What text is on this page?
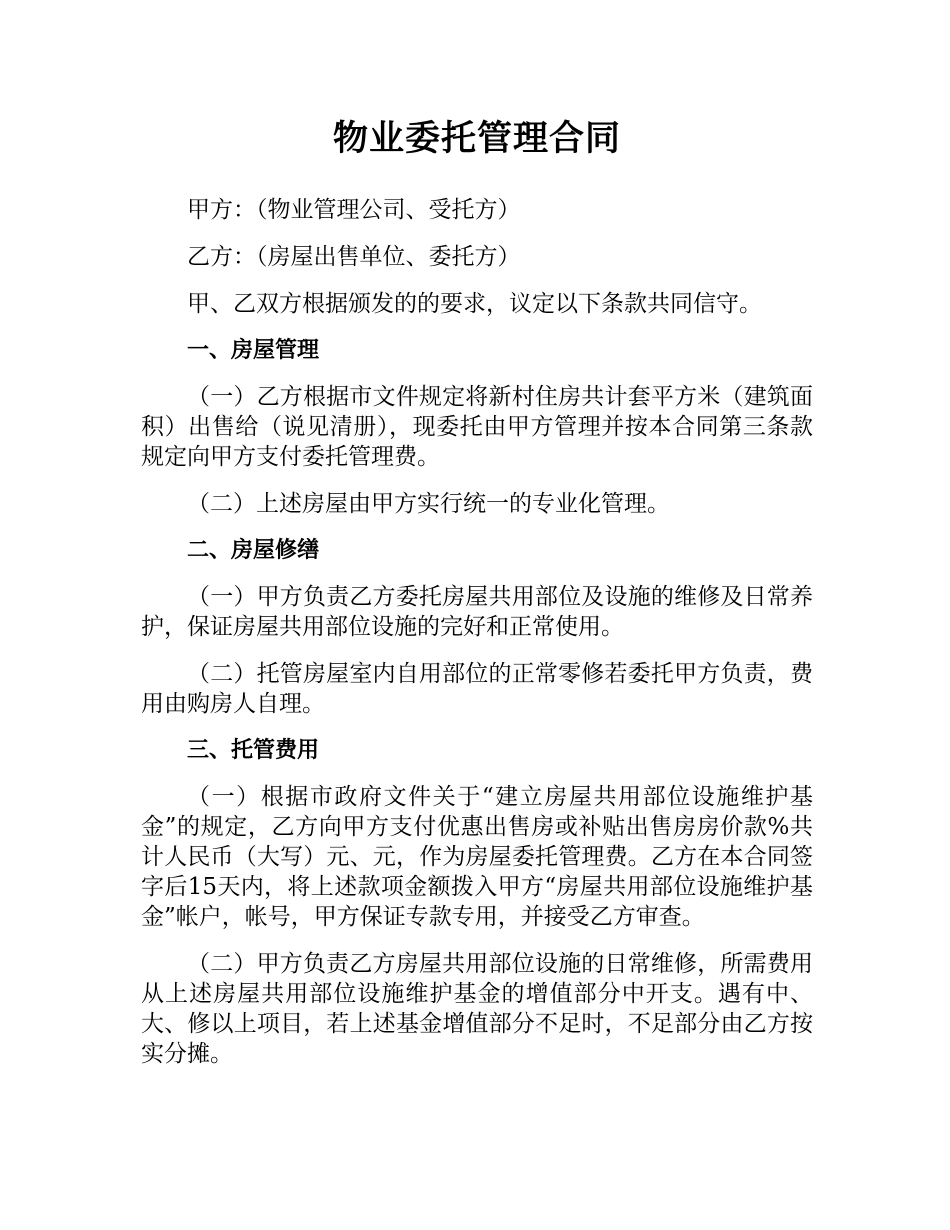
物业委托管理合同

甲方：（物业管理公司、受托方）

乙方：（房屋出售单位、委托方）

甲、乙双方根据颁发的的要求，议定以下条款共同信守。

一、房屋管理

（一）乙方根据市文件规定将新村住房共计套平方米（建筑面积）出售给（说见清册），现委托由甲方管理并按本合同第三条款规定向甲方支付委托管理费。

（二）上述房屋由甲方实行统一的专业化管理。

二、房屋修缮

（一）甲方负责乙方委托房屋共用部位及设施的维修及日常养护，保证房屋共用部位设施的完好和正常使用。

（二）托管房屋室内自用部位的正常零修若委托甲方负责，费用由购房人自理。

三、托管费用

（一）根据市政府文件关于“建立房屋共用部位设施维护基金”的规定，乙方向甲方支付优惠出售房或补贴出售房房价款%共计人民币（大写）元、元，作为房屋委托管理费。乙方在本合同签字后15天内，将上述款项金额拨入甲方“房屋共用部位设施维护基金”帐户，帐号，甲方保证专款专用，并接受乙方审查。

（二）甲方负责乙方房屋共用部位设施的日常维修，所需费用从上述房屋共用部位设施维护基金的增值部分中开支。遇有中、大、修以上项目，若上述基金增值部分不足时，不足部分由乙方按实分摊。
